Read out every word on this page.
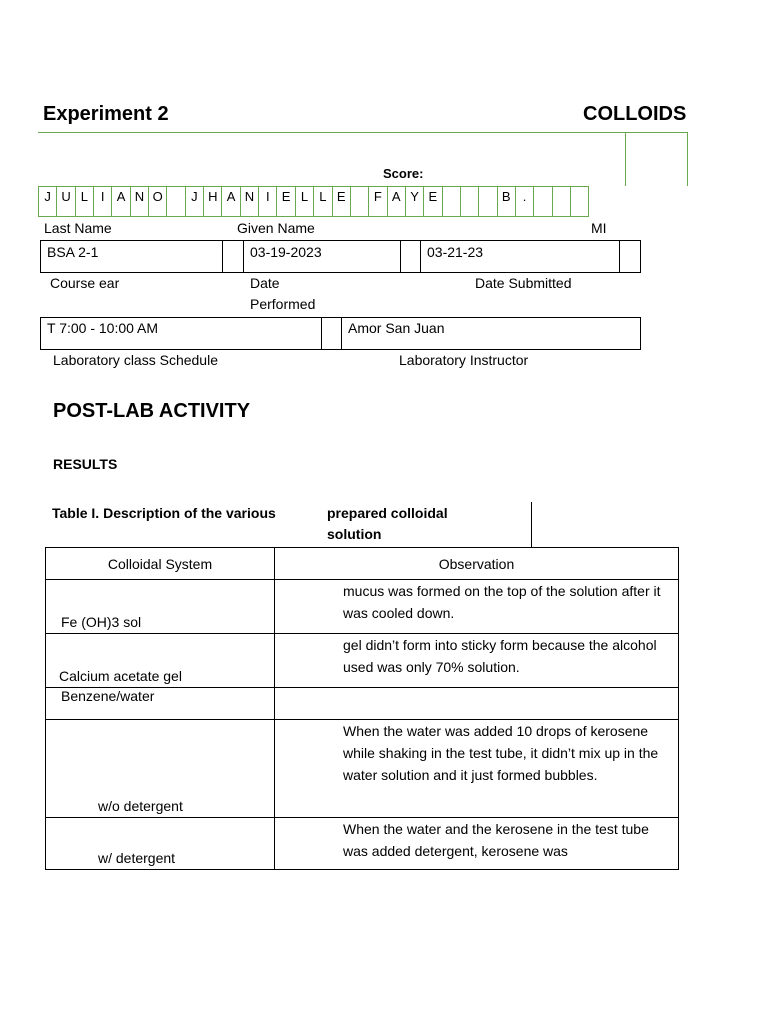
Experiment 2	COLLOIDS
Score:
J U L I A N O	J H A N I E L L E	F A Y E	B .
Last Name	Given Name	MI
BSA 2-1	03-19-2023	03-21-23
Course ear	Date
Performed
Date Submitted
T 7:00 - 10:00 AM	Amor San Juan
Laboratory class Schedule	Laboratory Instructor
POST-LAB ACTIVITY
RESULTS
Table I. Description of the various	prepared colloidal
solution
Colloidal System	Observation

Fe (OH)3 sol	mucus was formed on the top of the solution after it was cooled down.

Calcium acetate gel	gel didn’t form into sticky form because the alcohol used was only 70% solution.
Benzene/water	

w/o detergent	When the water was added 10 drops of kerosene while shaking in the test tube, it didn’t mix up in the water solution and it just formed bubbles.

w/ detergent	When the water and the kerosene in the test tube was added detergent, kerosene was
